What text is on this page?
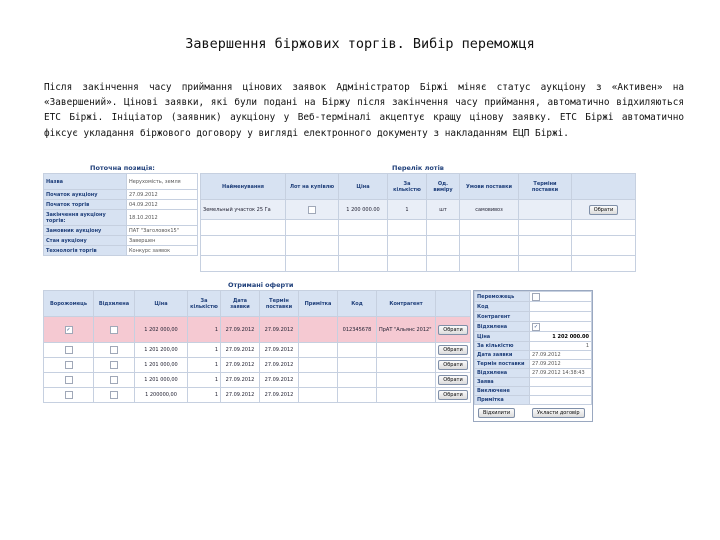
Завершення біржових торгів. Вибір переможця
Після закінчення часу приймання цінових заявок Адміністратор Біржі міняє статус аукціону з «Активен» на «Завершений». Цінові заявки, які були подані на Біржу після закінчення часу приймання, автоматично відхиляються ЕТС Біржі. Ініціатор (заявник) аукціону у Веб-терміналі акцептує кращу цінову заявку. ЕТС Біржі автоматично фіксує укладання біржового договору у вигляді електронного документу з накладанням ЕЦП Біржі.
Поточна позиція:
Назва	Нерухомість, земля
Початок аукціону	27.09.2012
Початок торгів	04.09.2012
Закінчення аукціону торгів:	18.10.2012
Замовник аукціону	ПАТ "Заголовок15"
Стан аукціону	Завершен
Технологія торгів	Конкурс заявок
Перелік лотів
Найменування	Лот на купівлю	Ціна	За кількістю	Од. виміру	Умови поставки	Терміни поставки	
Земельный участок 25 Га		1 200 000.00	1	шт	самовивоз		Обрати

Отримані оферти
Ворожомець	Відхилена	Ціна	За кількістю	Дата заявки	Термін поставки	Примітка	Код	Контрагент	
✓		1 202 000,00	1	27.09.2012	27.09.2012		012345678	ПрАТ "Альянс 2012"	Обрати
		1 201 200,00	1	27.09.2012	27.09.2012				Обрати
		1 201 000,00	1	27.09.2012	27.09.2012				Обрати
		1 201 000,00	1	27.09.2012	27.09.2012				Обрати
		1 200000,00	1	27.09.2012	27.09.2012				Обрати
Переможець	
Код	
Контрагент	
Відхилена	✓
Ціна	1 202 000.00
За кількістю	1
Дата заявки	27.09.2012
Термін поставки	27.09.2012
Відхилена	27.09.2012 14:38:43
Заява	
Виключене	
Примітка	
Відхилити	Укласти договір
